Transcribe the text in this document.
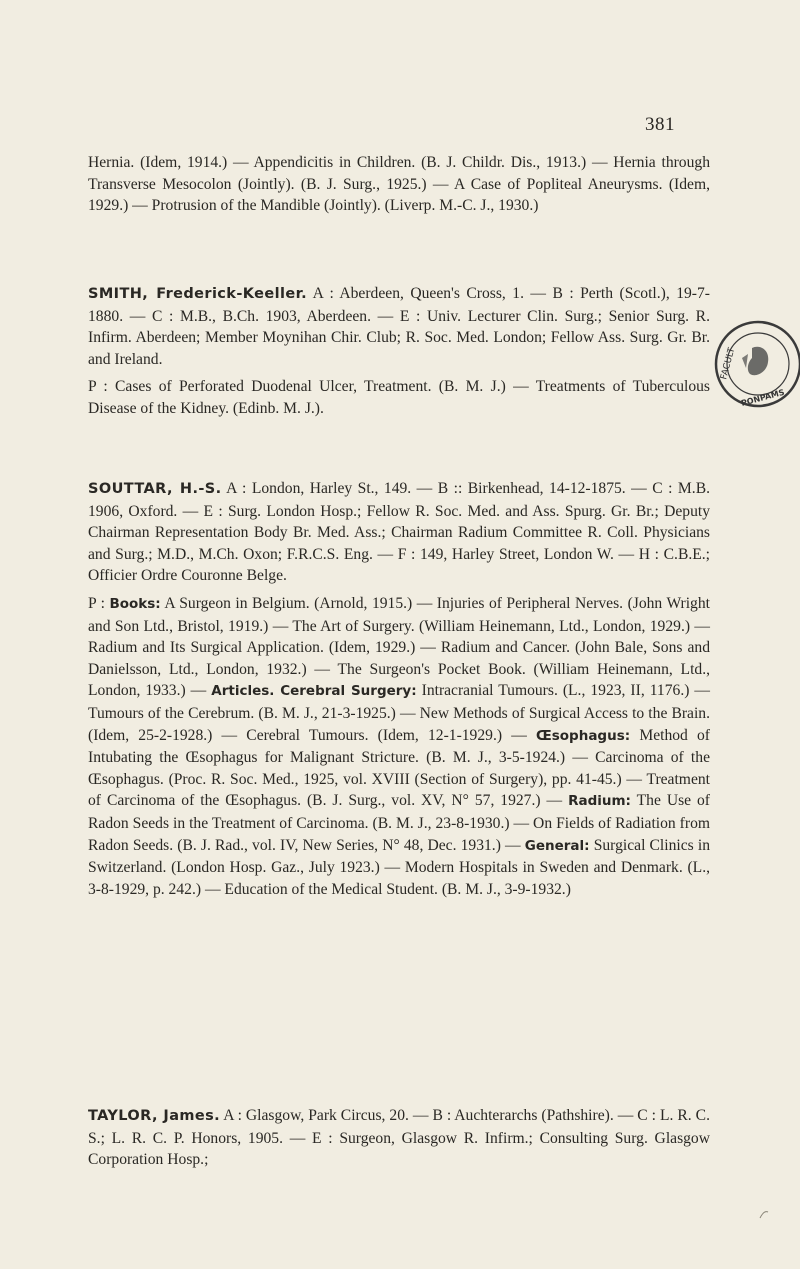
381

Hernia. (Idem, 1914.) — Appendicitis in Children. (B. J. Childr. Dis., 1913.) — Hernia through Transverse Mesocolon (Jointly). (B. J. Surg., 1925.) — A Case of Popliteal Aneurysms. (Idem, 1929.) — Protrusion of the Mandible (Jointly). (Liverp. M.-C. J., 1930.)

SMITH, Frederick-Keeller. A : Aberdeen, Queen's Cross, 1. — B : Perth (Scotl.), 19-7-1880. — C : M.B., B.Ch. 1903, Aberdeen. — E : Univ. Lecturer Clin. Surg.; Senior Surg. R. Infirm. Aberdeen; Member Moynihan Chir. Club; R. Soc. Med. London; Fellow Ass. Surg. Gr. Br. and Ireland.

P : Cases of Perforated Duodenal Ulcer, Treatment. (B. M. J.) — Treatments of Tuberculous Disease of the Kidney. (Edinb. M. J.).

SOUTTAR, H.-S. A : London, Harley St., 149. — B :: Birkenhead, 14-12-1875. — C : M.B. 1906, Oxford. — E : Surg. London Hosp.; Fellow R. Soc. Med. and Ass. Spurg. Gr. Br.; Deputy Chairman Representation Body Br. Med. Ass.; Chairman Radium Committee R. Coll. Physicians and Surg.; M.D., M.Ch. Oxon; F.R.C.S. Eng. — F : 149, Harley Street, London W. — H : C.B.E.; Officier Ordre Couronne Belge.

P : Books: A Surgeon in Belgium. (Arnold, 1915.) — Injuries of Peripheral Nerves. (John Wright and Son Ltd., Bristol, 1919.) — The Art of Surgery. (William Heinemann, Ltd., London, 1929.) — Radium and Its Surgical Application. (Idem, 1929.) — Radium and Cancer. (John Bale, Sons and Danielsson, Ltd., London, 1932.) — The Surgeon's Pocket Book. (William Heinemann, Ltd., London, 1933.) — Articles. Cerebral Surgery: Intracranial Tumours. (L., 1923, II, 1176.) — Tumours of the Cerebrum. (B. M. J., 21-3-1925.) — New Methods of Surgical Access to the Brain. (Idem, 25-2-1928.) — Cerebral Tumours. (Idem, 12-1-1929.) — Œsophagus: Method of Intubating the Œsophagus for Malignant Stricture. (B. M. J., 3-5-1924.) — Carcinoma of the Œsophagus. (Proc. R. Soc. Med., 1925, vol. XVIII (Section of Surgery), pp. 41-45.) — Treatment of Carcinoma of the Œsophagus. (B. J. Surg., vol. XV, N° 57, 1927.) — Radium: The Use of Radon Seeds in the Treatment of Carcinoma. (B. M. J., 23-8-1930.) — On Fields of Radiation from Radon Seeds. (B. J. Rad., vol. IV, New Series, N° 48, Dec. 1931.) — General: Surgical Clinics in Switzerland. (London Hosp. Gaz., July 1923.) — Modern Hospitals in Sweden and Denmark. (L., 3-8-1929, p. 242.) — Education of the Medical Student. (B. M. J., 3-9-1932.)

TAYLOR, James. A : Glasgow, Park Circus, 20. — B : Auchterarchs (Pathshire). — C : L. R. C. S.; L. R. C. P. Honors, 1905. — E : Surgeon, Glasgow R. Infirm.; Consulting Surg. Glasgow Corporation Hosp.;

FACULT
PONPAMS
